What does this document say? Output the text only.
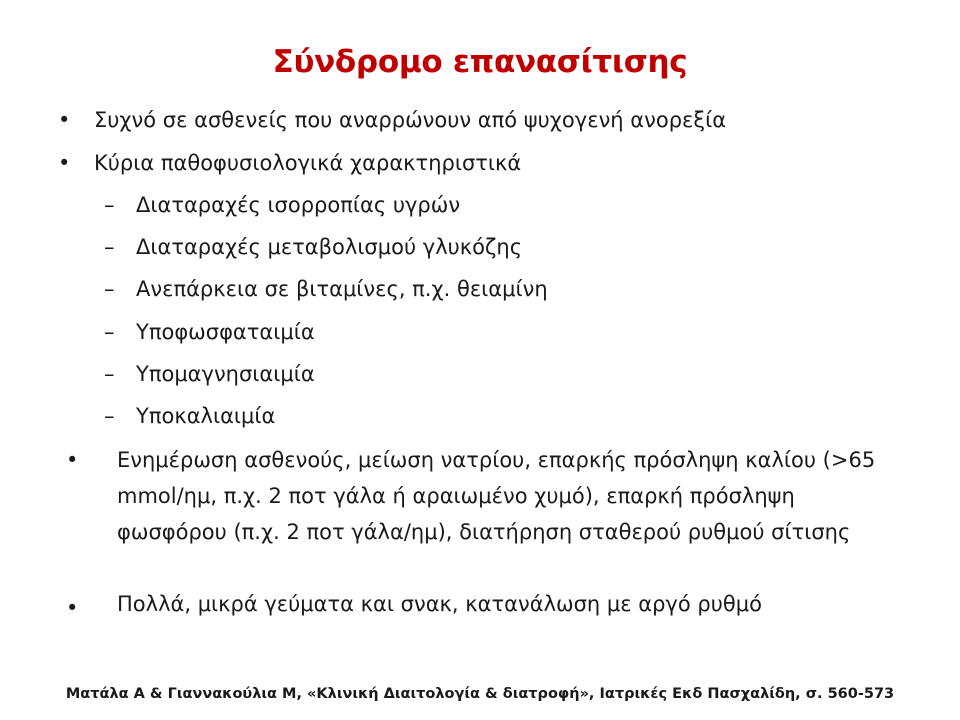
Σύνδρομο επανασίτισης
• Συχνό σε ασθενείς που αναρρώνουν από ψυχογενή ανορεξία
• Κύρια παθοφυσιολογικά χαρακτηριστικά
– Διαταραχές ισορροπίας υγρών
– Διαταραχές μεταβολισμού γλυκόζης
– Ανεπάρκεια σε βιταμίνες, π.χ. θειαμίνη
– Υποφωσφαταιμία
– Υπομαγνησιαιμία
– Υποκαλιαιμία
• Ενημέρωση ασθενούς, μείωση νατρίου, επαρκής πρόσληψη καλίου (>65 mmol/ημ, π.χ. 2 ποτ γάλα ή αραιωμένο χυμό), επαρκή πρόσληψη φωσφόρου (π.χ. 2 ποτ γάλα/ημ), διατήρηση σταθερού ρυθμού σίτισης
• Πολλά, μικρά γεύματα και σνακ, κατανάλωση με αργό ρυθμό
Ματάλα Α & Γιαννακούλια Μ, «Κλινική Διαιτολογία & διατροφή», Ιατρικές Εκδ Πασχαλίδη, σ. 560-573
